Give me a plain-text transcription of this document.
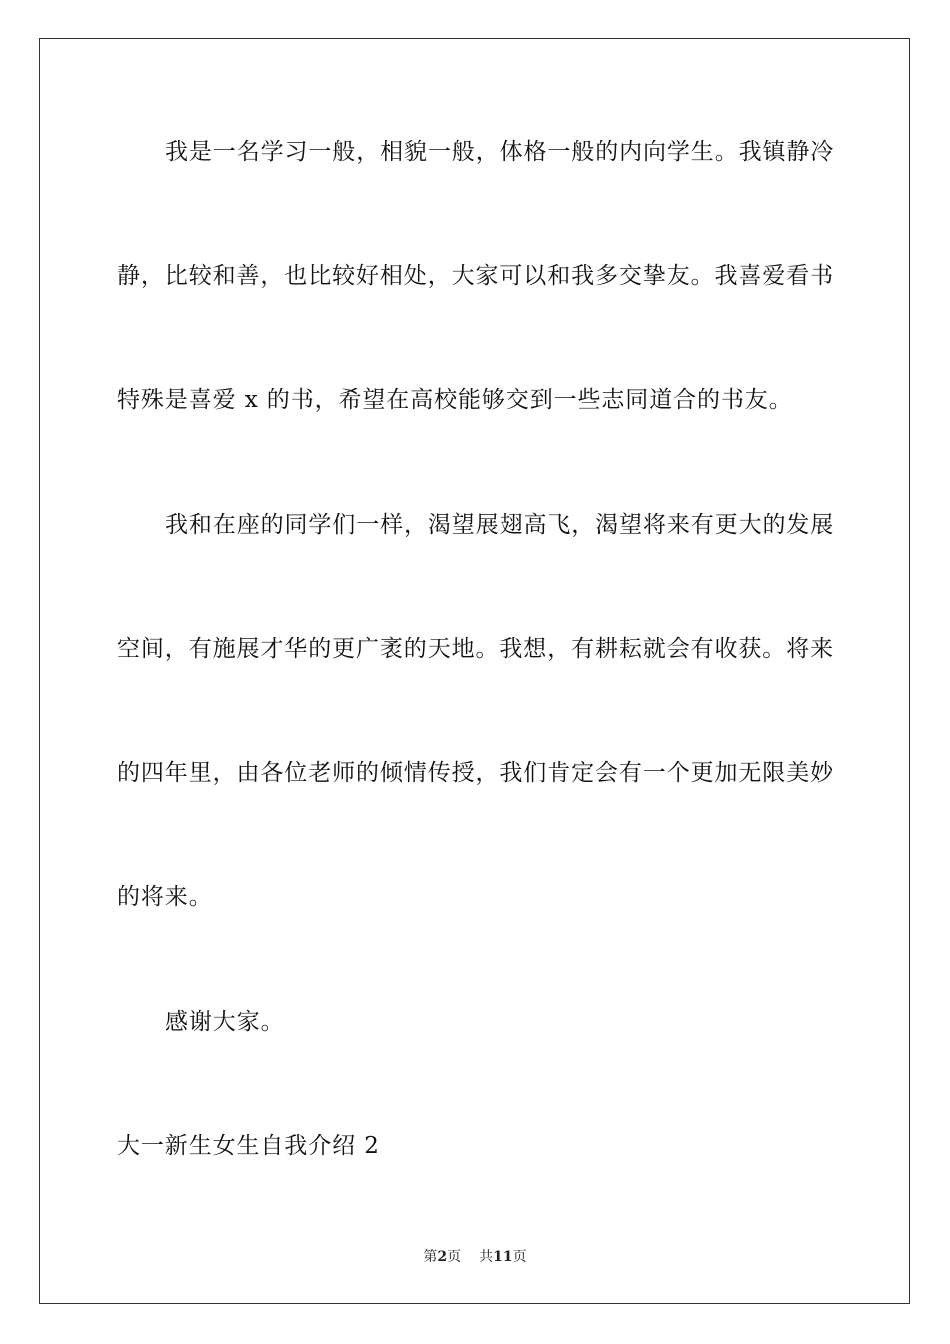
我是一名学习一般，相貌一般，体格一般的内向学生。我镇静冷
静，比较和善，也比较好相处，大家可以和我多交挚友。我喜爱看书
特殊是喜爱 x 的书，希望在高校能够交到一些志同道合的书友。
我和在座的同学们一样，渴望展翅高飞，渴望将来有更大的发展
空间，有施展才华的更广袤的天地。我想，有耕耘就会有收获。将来
的四年里，由各位老师的倾情传授，我们肯定会有一个更加无限美妙
的将来。
感谢大家。
大一新生女生自我介绍 2
第2页 共11页
